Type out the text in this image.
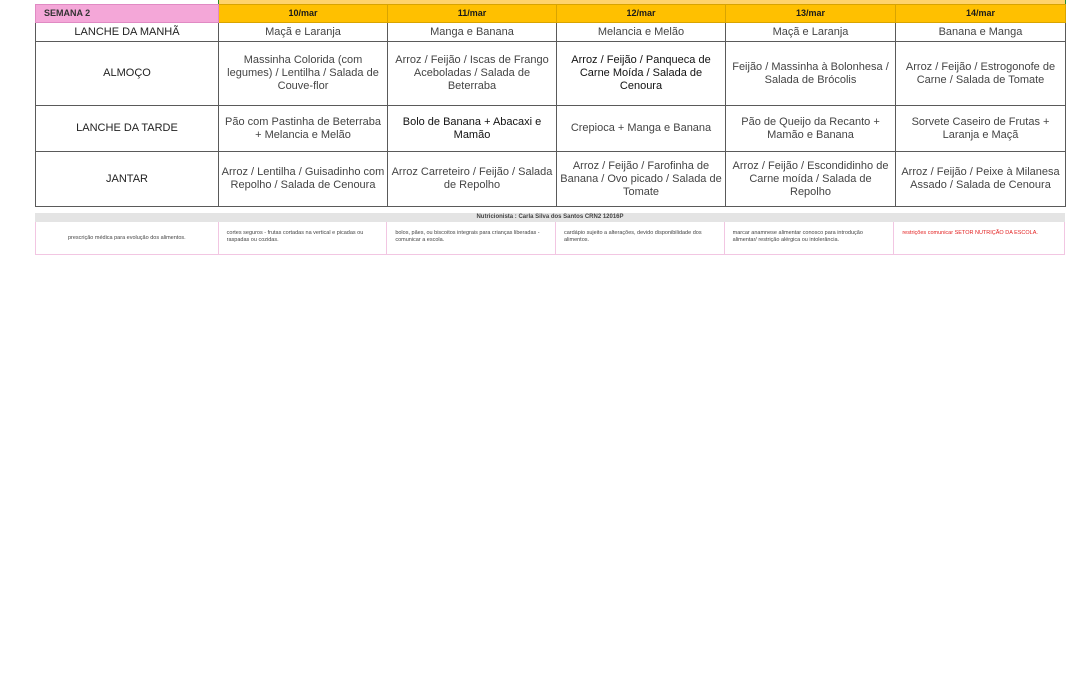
SEMANA 2	10/mar	11/mar	12/mar	13/mar	14/mar
LANCHE DA MANHÃ	Maçã e Laranja	Manga e Banana	Melancia e Melão	Maçã e Laranja	Banana e Manga
ALMOÇO	Massinha Colorida (com legumes) / Lentilha / Salada de Couve-flor	Arroz / Feijão / Iscas de Frango Aceboladas / Salada de Beterraba	Arroz / Feijão / Panqueca de Carne Moída / Salada de Cenoura	Feijão / Massinha à Bolonhesa / Salada de Brócolis	Arroz / Feijão / Estrogonofe de Carne / Salada de Tomate
LANCHE DA TARDE	Pão com Pastinha de Beterraba + Melancia e Melão	Bolo de Banana + Abacaxi e Mamão	Crepioca + Manga e Banana	Pão de Queijo da Recanto + Mamão e Banana	Sorvete Caseiro de Frutas + Laranja e Maçã
JANTAR	Arroz / Lentilha / Guisadinho com Repolho / Salada de Cenoura	Arroz Carreteiro / Feijão / Salada de Repolho	Arroz / Feijão / Farofinha de Banana / Ovo picado / Salada de Tomate	Arroz / Feijão / Escondidinho de Carne moída / Salada de Repolho	Arroz / Feijão / Peixe à Milanesa Assado / Salada de Cenoura
Nutricionista : Carla Silva dos Santos CRN2 12016P
prescrição médica para evolução dos alimentos.
cortes seguros - frutas cortadas na vertical e picadas ou raspadas ou cozidas.
bolos, pães, ou biscoitos integrais para crianças liberadas - comunicar a escola.
cardápio sujeito a alterações, devido disponibilidade dos alimentos.
marcar anamnese alimentar conosco para introdução alimentar/ restrição alérgica ou intolerância.
restrições comunicar SETOR NUTRIÇÃO DA ESCOLA.
